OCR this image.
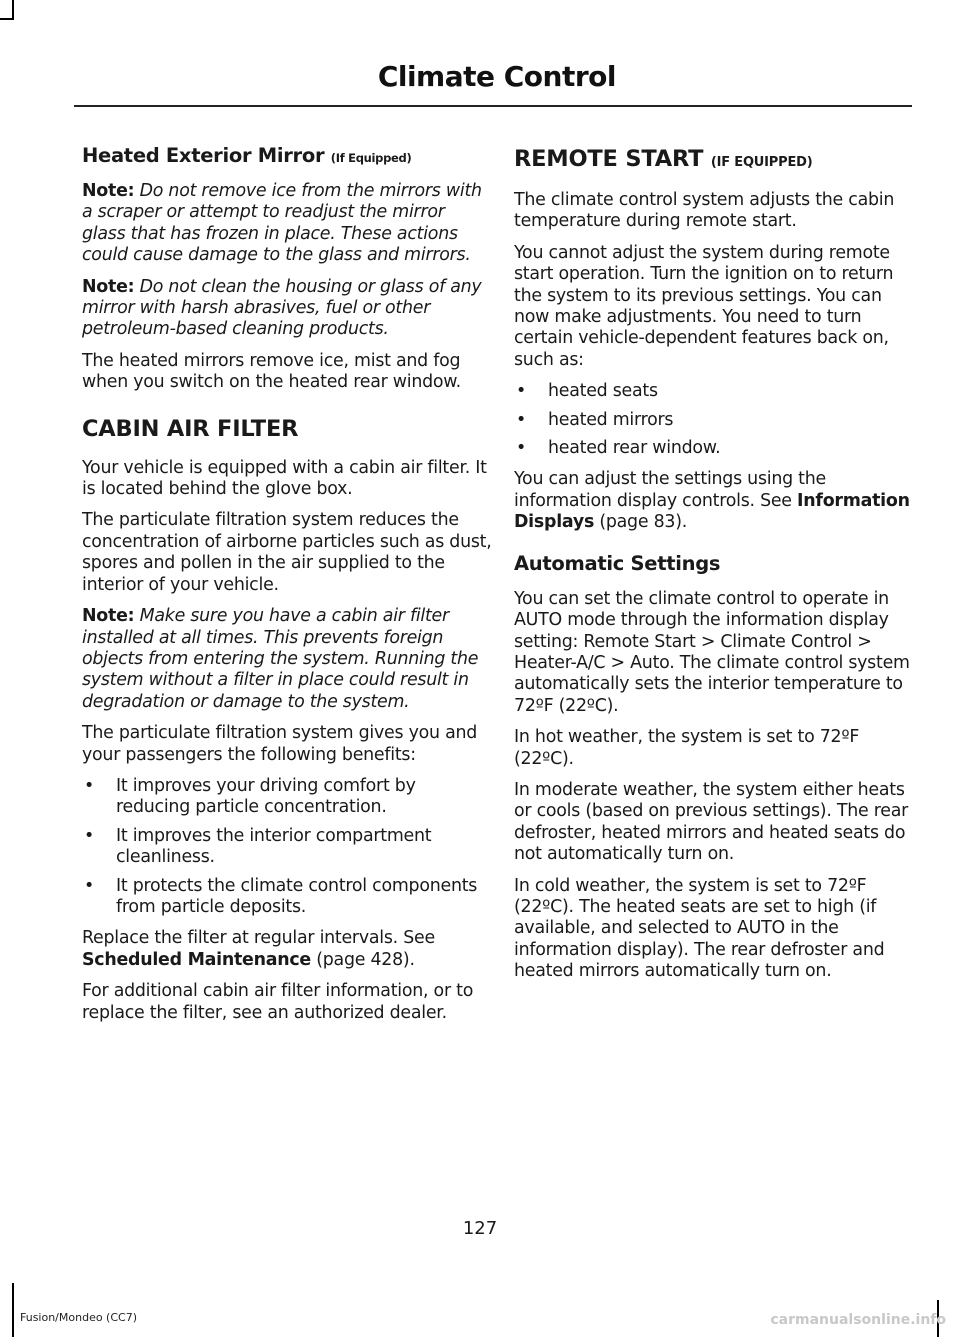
Climate Control
Heated Exterior Mirror (If Equipped)

Note: Do not remove ice from the mirrors with a scraper or attempt to readjust the mirror glass that has frozen in place. These actions could cause damage to the glass and mirrors.

Note: Do not clean the housing or glass of any mirror with harsh abrasives, fuel or other petroleum-based cleaning products.

The heated mirrors remove ice, mist and fog when you switch on the heated rear window.

CABIN AIR FILTER

Your vehicle is equipped with a cabin air filter. It is located behind the glove box.

The particulate filtration system reduces the concentration of airborne particles such as dust, spores and pollen in the air supplied to the interior of your vehicle.

Note: Make sure you have a cabin air filter installed at all times. This prevents foreign objects from entering the system. Running the system without a filter in place could result in degradation or damage to the system.

The particulate filtration system gives you and your passengers the following benefits:

• It improves your driving comfort by reducing particle concentration.
• It improves the interior compartment cleanliness.
• It protects the climate control components from particle deposits.

Replace the filter at regular intervals. See Scheduled Maintenance (page 428).

For additional cabin air filter information, or to replace the filter, see an authorized dealer.

REMOTE START (IF EQUIPPED)

The climate control system adjusts the cabin temperature during remote start.

You cannot adjust the system during remote start operation. Turn the ignition on to return the system to its previous settings. You can now make adjustments. You need to turn certain vehicle-dependent features back on, such as:

• heated seats
• heated mirrors
• heated rear window.

You can adjust the settings using the information display controls. See Information Displays (page 83).

Automatic Settings

You can set the climate control to operate in AUTO mode through the information display setting: Remote Start > Climate Control > Heater-A/C > Auto. The climate control system automatically sets the interior temperature to 72ºF (22ºC).

In hot weather, the system is set to 72ºF (22ºC).

In moderate weather, the system either heats or cools (based on previous settings). The rear defroster, heated mirrors and heated seats do not automatically turn on.

In cold weather, the system is set to 72ºF (22ºC). The heated seats are set to high (if available, and selected to AUTO in the information display). The rear defroster and heated mirrors automatically turn on.

127
Fusion/Mondeo (CC7)	carmanualsonline.info
